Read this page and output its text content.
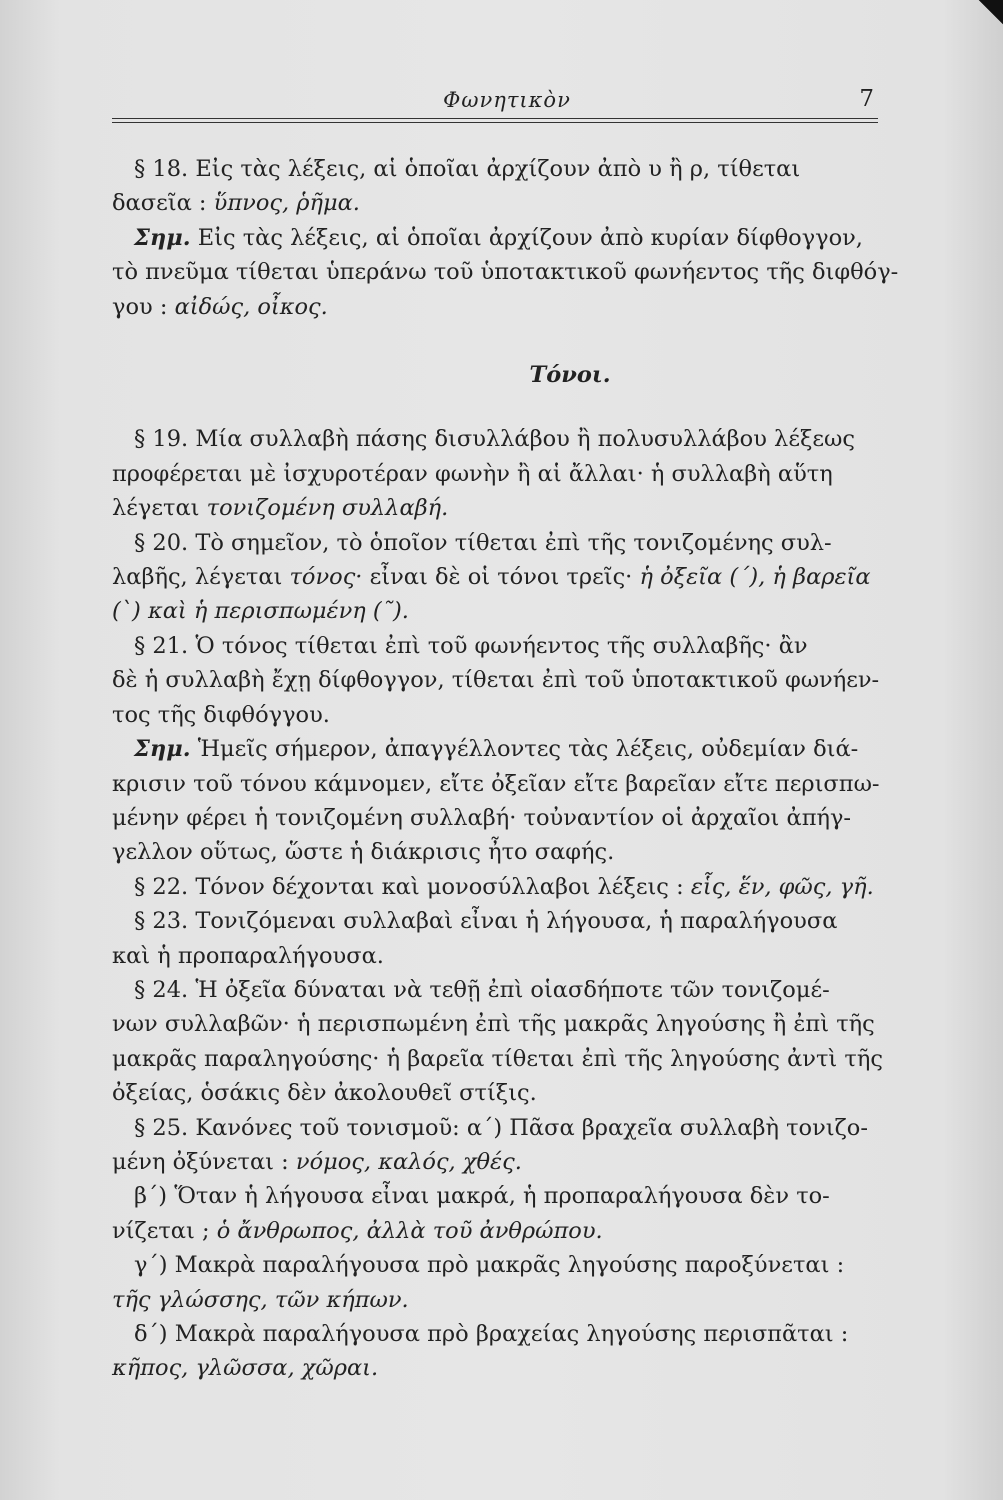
Φωνητικὸν	7
§ 18. Εἰς τὰς λέξεις, αἱ ὁποῖαι ἀρχίζουν ἀπὸ υ ἢ ρ, τίθεται
δασεῖα : ὕπνος, ῥῆμα.
Σημ. Εἰς τὰς λέξεις, αἱ ὁποῖαι ἀρχίζουν ἀπὸ κυρίαν δίφθογγον,
τὸ πνεῦμα τίθεται ὑπεράνω τοῦ ὑποτακτικοῦ φωνήεντος τῆς διφθόγ-
γου : αἰδώς, οἶκος.
Τόνοι.
§ 19. Μία συλλαβὴ πάσης δισυλλάβου ἢ πολυσυλλάβου λέξεως
προφέρεται μὲ ἰσχυροτέραν φωνὴν ἢ αἱ ἄλλαι· ἡ συλλαβὴ αὕτη
λέγεται τονιζομένη συλλαβή.
§ 20. Τὸ σημεῖον, τὸ ὁποῖον τίθεται ἐπὶ τῆς τονιζομένης συλ-
λαβῆς, λέγεται τόνος· εἶναι δὲ οἱ τόνοι τρεῖς· ἡ ὀξεῖα (΄), ἡ βαρεῖα
(`) καὶ ἡ περισπωμένη (῀).
§ 21. Ὁ τόνος τίθεται ἐπὶ τοῦ φωνήεντος τῆς συλλαβῆς· ἂν
δὲ ἡ συλλαβὴ ἔχῃ δίφθογγον, τίθεται ἐπὶ τοῦ ὑποτακτικοῦ φωνήεν-
τος τῆς διφθόγγου.
Σημ. Ἡμεῖς σήμερον, ἀπαγγέλλοντες τὰς λέξεις, οὐδεμίαν διά-
κρισιν τοῦ τόνου κάμνομεν, εἴτε ὀξεῖαν εἴτε βαρεῖαν εἴτε περισπω-
μένην φέρει ἡ τονιζομένη συλλαβή· τοὐναντίον οἱ ἀρχαῖοι ἀπήγ-
γελλον οὕτως, ὥστε ἡ διάκρισις ἦτο σαφής.
§ 22. Τόνον δέχονται καὶ μονοσύλλαβοι λέξεις : εἷς, ἕν, φῶς, γῆ.
§ 23. Τονιζόμεναι συλλαβαὶ εἶναι ἡ λήγουσα, ἡ παραλήγουσα
καὶ ἡ προπαραλήγουσα.
§ 24. Ἡ ὀξεῖα δύναται νὰ τεθῇ ἐπὶ οἱασδήποτε τῶν τονιζομέ-
νων συλλαβῶν· ἡ περισπωμένη ἐπὶ τῆς μακρᾶς ληγούσης ἢ ἐπὶ τῆς
μακρᾶς παραληγούσης· ἡ βαρεῖα τίθεται ἐπὶ τῆς ληγούσης ἀντὶ τῆς
ὀξείας, ὁσάκις δὲν ἀκολουθεῖ στίξις.
§ 25. Κανόνες τοῦ τονισμοῦ: α΄) Πᾶσα βραχεῖα συλλαβὴ τονιζο-
μένη ὀξύνεται : νόμος, καλός, χθές.
β΄) Ὅταν ἡ λήγουσα εἶναι μακρά, ἡ προπαραλήγουσα δὲν το-
νίζεται ; ὁ ἄνθρωπος, ἀλλὰ τοῦ ἀνθρώπου.
γ΄) Μακρὰ παραλήγουσα πρὸ μακρᾶς ληγούσης παροξύνεται :
τῆς γλώσσης, τῶν κήπων.
δ΄) Μακρὰ παραλήγουσα πρὸ βραχείας ληγούσης περισπᾶται :
κῆπος, γλῶσσα, χῶραι.
